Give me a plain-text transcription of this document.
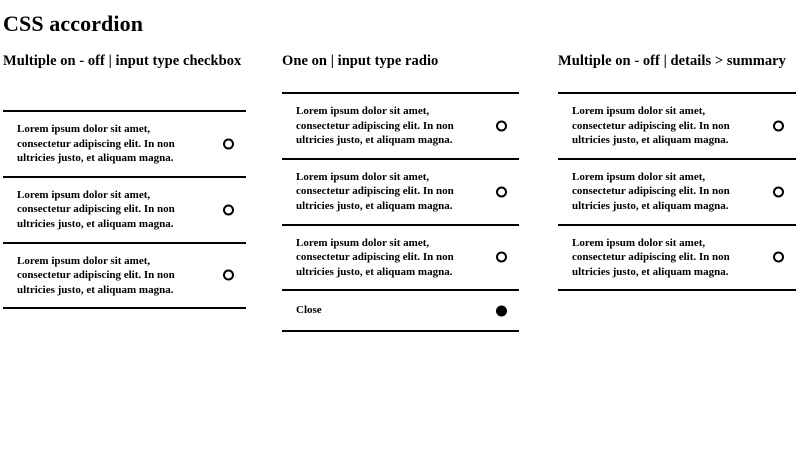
CSS accordion
Multiple on - off | input type checkbox
Lorem ipsum dolor sit amet, consectetur adipiscing elit. In non ultricies justo, et aliquam magna.
Lorem ipsum dolor sit amet, consectetur adipiscing elit. In non ultricies justo, et aliquam magna.
Lorem ipsum dolor sit amet, consectetur adipiscing elit. In non ultricies justo, et aliquam magna.
One on | input type radio
Lorem ipsum dolor sit amet, consectetur adipiscing elit. In non ultricies justo, et aliquam magna.
Lorem ipsum dolor sit amet, consectetur adipiscing elit. In non ultricies justo, et aliquam magna.
Lorem ipsum dolor sit amet, consectetur adipiscing elit. In non ultricies justo, et aliquam magna.
Close
Multiple on - off | details > summary
Lorem ipsum dolor sit amet, consectetur adipiscing elit. In non ultricies justo, et aliquam magna.
Lorem ipsum dolor sit amet, consectetur adipiscing elit. In non ultricies justo, et aliquam magna.
Lorem ipsum dolor sit amet, consectetur adipiscing elit. In non ultricies justo, et aliquam magna.
